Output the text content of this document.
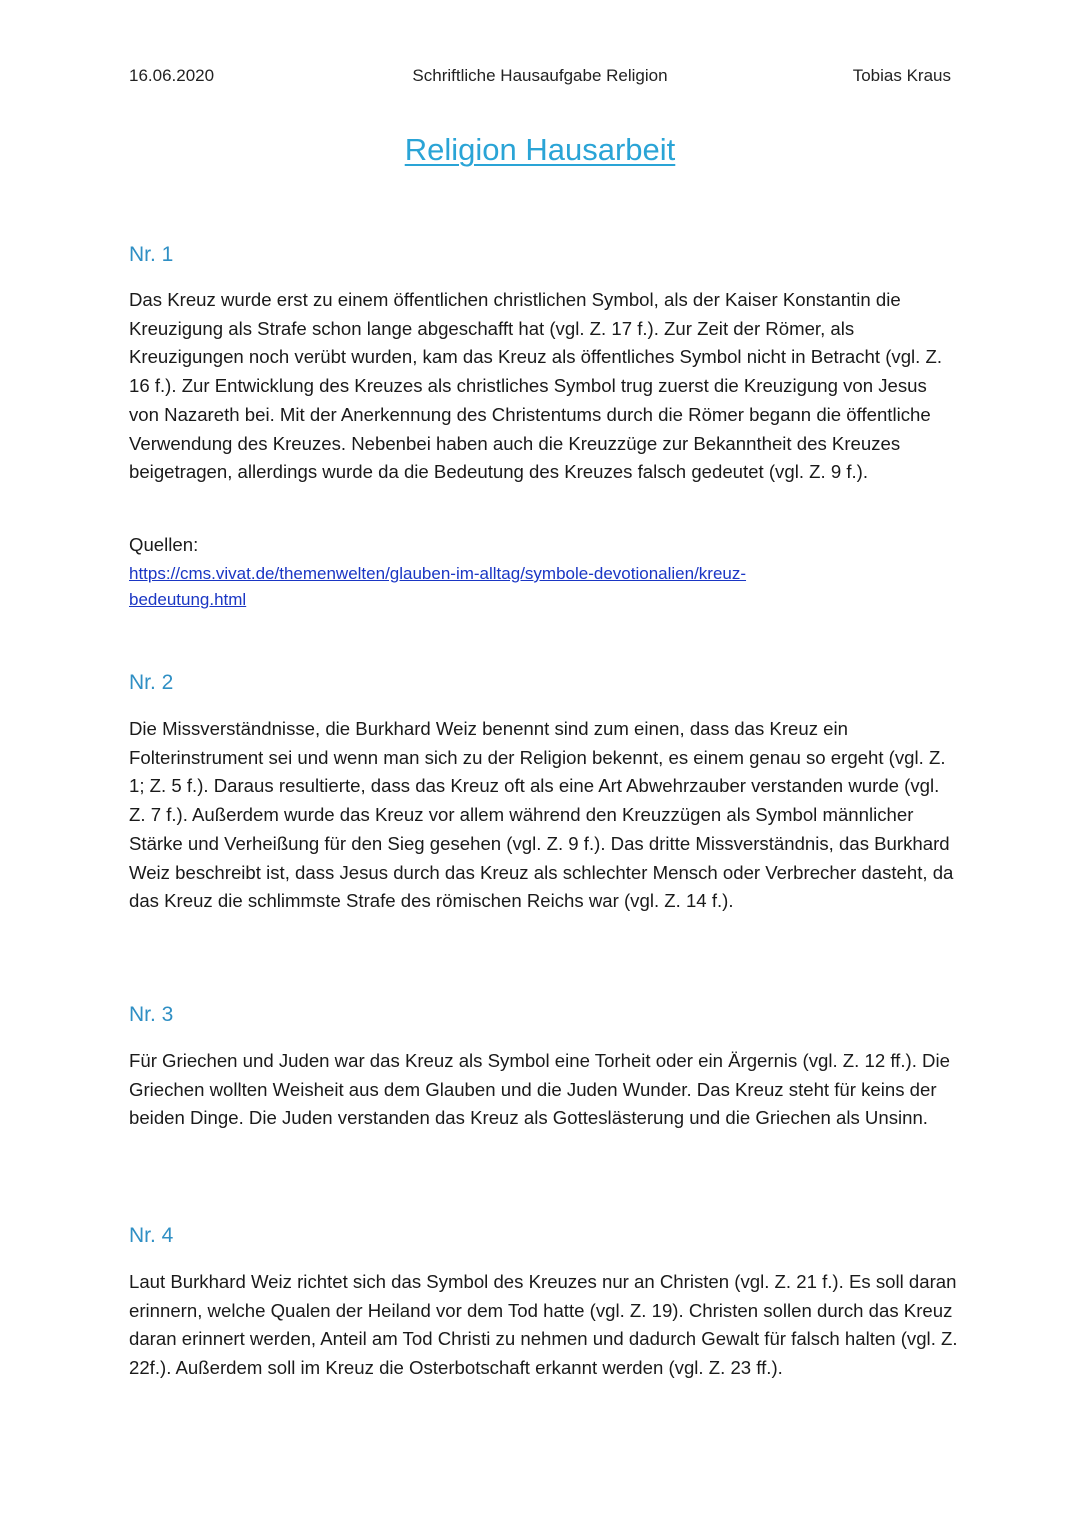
16.06.2020	Schriftliche Hausaufgabe Religion	Tobias Kraus
Religion Hausarbeit
Nr. 1

Das Kreuz wurde erst zu einem öffentlichen christlichen Symbol, als der Kaiser Konstantin die Kreuzigung als Strafe schon lange abgeschafft hat (vgl. Z. 17 f.). Zur Zeit der Römer, als Kreuzigungen noch verübt wurden, kam das Kreuz als öffentliches Symbol nicht in Betracht (vgl. Z. 16 f.). Zur Entwicklung des Kreuzes als christliches Symbol trug zuerst die Kreuzigung von Jesus von Nazareth bei. Mit der Anerkennung des Christentums durch die Römer begann die öffentliche Verwendung des Kreuzes. Nebenbei haben auch die Kreuzzüge zur Bekanntheit des Kreuzes beigetragen, allerdings wurde da die Bedeutung des Kreuzes falsch gedeutet (vgl. Z. 9 f.).

Quellen:
https://cms.vivat.de/themenwelten/glauben-im-alltag/symbole-devotionalien/kreuz-bedeutung.html
Nr. 2

Die Missverständnisse, die Burkhard Weiz benennt sind zum einen, dass das Kreuz ein Folterinstrument sei und wenn man sich zu der Religion bekennt, es einem genau so ergeht (vgl. Z. 1; Z. 5 f.). Daraus resultierte, dass das Kreuz oft als eine Art Abwehrzauber verstanden wurde (vgl. Z. 7 f.). Außerdem wurde das Kreuz vor allem während den Kreuzzügen als Symbol männlicher Stärke und Verheißung für den Sieg gesehen (vgl. Z. 9 f.). Das dritte Missverständnis, das Burkhard Weiz beschreibt ist, dass Jesus durch das Kreuz als schlechter Mensch oder Verbrecher dasteht, da das Kreuz die schlimmste Strafe des römischen Reichs war (vgl. Z. 14 f.).

Nr. 3

Für Griechen und Juden war das Kreuz als Symbol eine Torheit oder ein Ärgernis (vgl. Z. 12 ff.). Die Griechen wollten Weisheit aus dem Glauben und die Juden Wunder. Das Kreuz steht für keins der beiden Dinge. Die Juden verstanden das Kreuz als Gotteslästerung und die Griechen als Unsinn.

Nr. 4

Laut Burkhard Weiz richtet sich das Symbol des Kreuzes nur an Christen (vgl. Z. 21 f.). Es soll daran erinnern, welche Qualen der Heiland vor dem Tod hatte (vgl. Z. 19). Christen sollen durch das Kreuz daran erinnert werden, Anteil am Tod Christi zu nehmen und dadurch Gewalt für falsch halten (vgl. Z. 22f.). Außerdem soll im Kreuz die Osterbotschaft erkannt werden (vgl. Z. 23 ff.).
